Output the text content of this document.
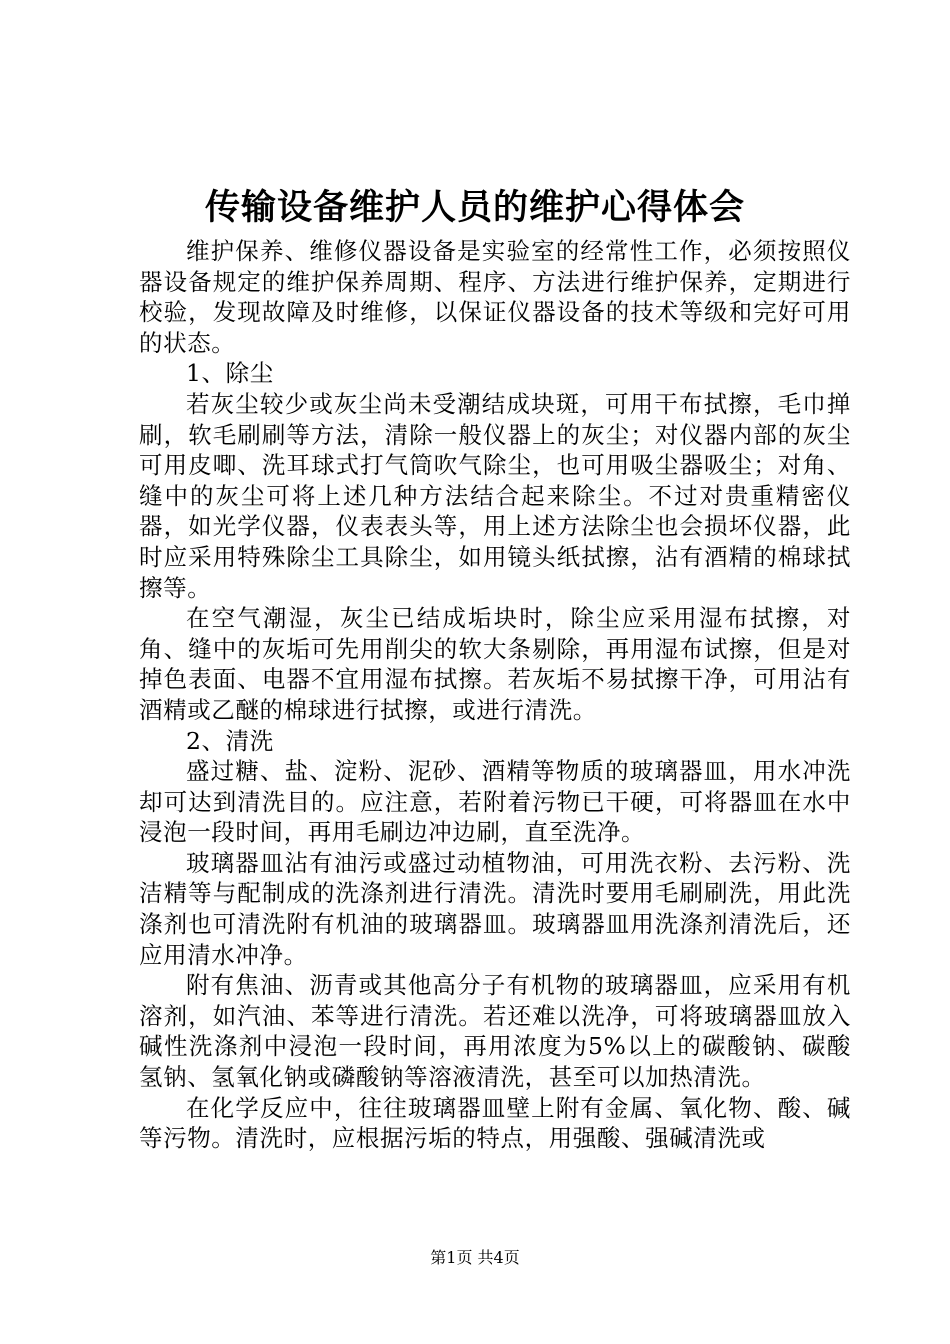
传输设备维护人员的维护心得体会

维护保养、维修仪器设备是实验室的经常性工作，必须按照仪器设备规定的维护保养周期、程序、方法进行维护保养，定期进行校验，发现故障及时维修，以保证仪器设备的技术等级和完好可用的状态。

1、除尘

若灰尘较少或灰尘尚未受潮结成块斑，可用干布拭擦，毛巾掸刷，软毛刷刷等方法，清除一般仪器上的灰尘；对仪器内部的灰尘可用皮唧、洗耳球式打气筒吹气除尘，也可用吸尘器吸尘；对角、缝中的灰尘可将上述几种方法结合起来除尘。不过对贵重精密仪器，如光学仪器，仪表表头等，用上述方法除尘也会损坏仪器，此时应采用特殊除尘工具除尘，如用镜头纸拭擦，沾有酒精的棉球拭擦等。

在空气潮湿，灰尘已结成垢块时，除尘应采用湿布拭擦，对角、缝中的灰垢可先用削尖的软大条剔除，再用湿布试擦，但是对掉色表面、电器不宜用湿布拭擦。若灰垢不易拭擦干净，可用沾有酒精或乙醚的棉球进行拭擦，或进行清洗。

2、清洗

盛过糖、盐、淀粉、泥砂、酒精等物质的玻璃器皿，用水冲洗却可达到清洗目的。应注意，若附着污物已干硬，可将器皿在水中浸泡一段时间，再用毛刷边冲边刷，直至洗净。

玻璃器皿沾有油污或盛过动植物油，可用洗衣粉、去污粉、洗洁精等与配制成的洗涤剂进行清洗。清洗时要用毛刷刷洗，用此洗涤剂也可清洗附有机油的玻璃器皿。玻璃器皿用洗涤剂清洗后，还应用清水冲净。

附有焦油、沥青或其他高分子有机物的玻璃器皿，应采用有机溶剂，如汽油、苯等进行清洗。若还难以洗净，可将玻璃器皿放入碱性洗涤剂中浸泡一段时间，再用浓度为5%以上的碳酸钠、碳酸氢钠、氢氧化钠或磷酸钠等溶液清洗，甚至可以加热清洗。

在化学反应中，往往玻璃器皿壁上附有金属、氧化物、酸、碱等污物。清洗时，应根据污垢的特点，用强酸、强碱清洗或

第1页 共4页
